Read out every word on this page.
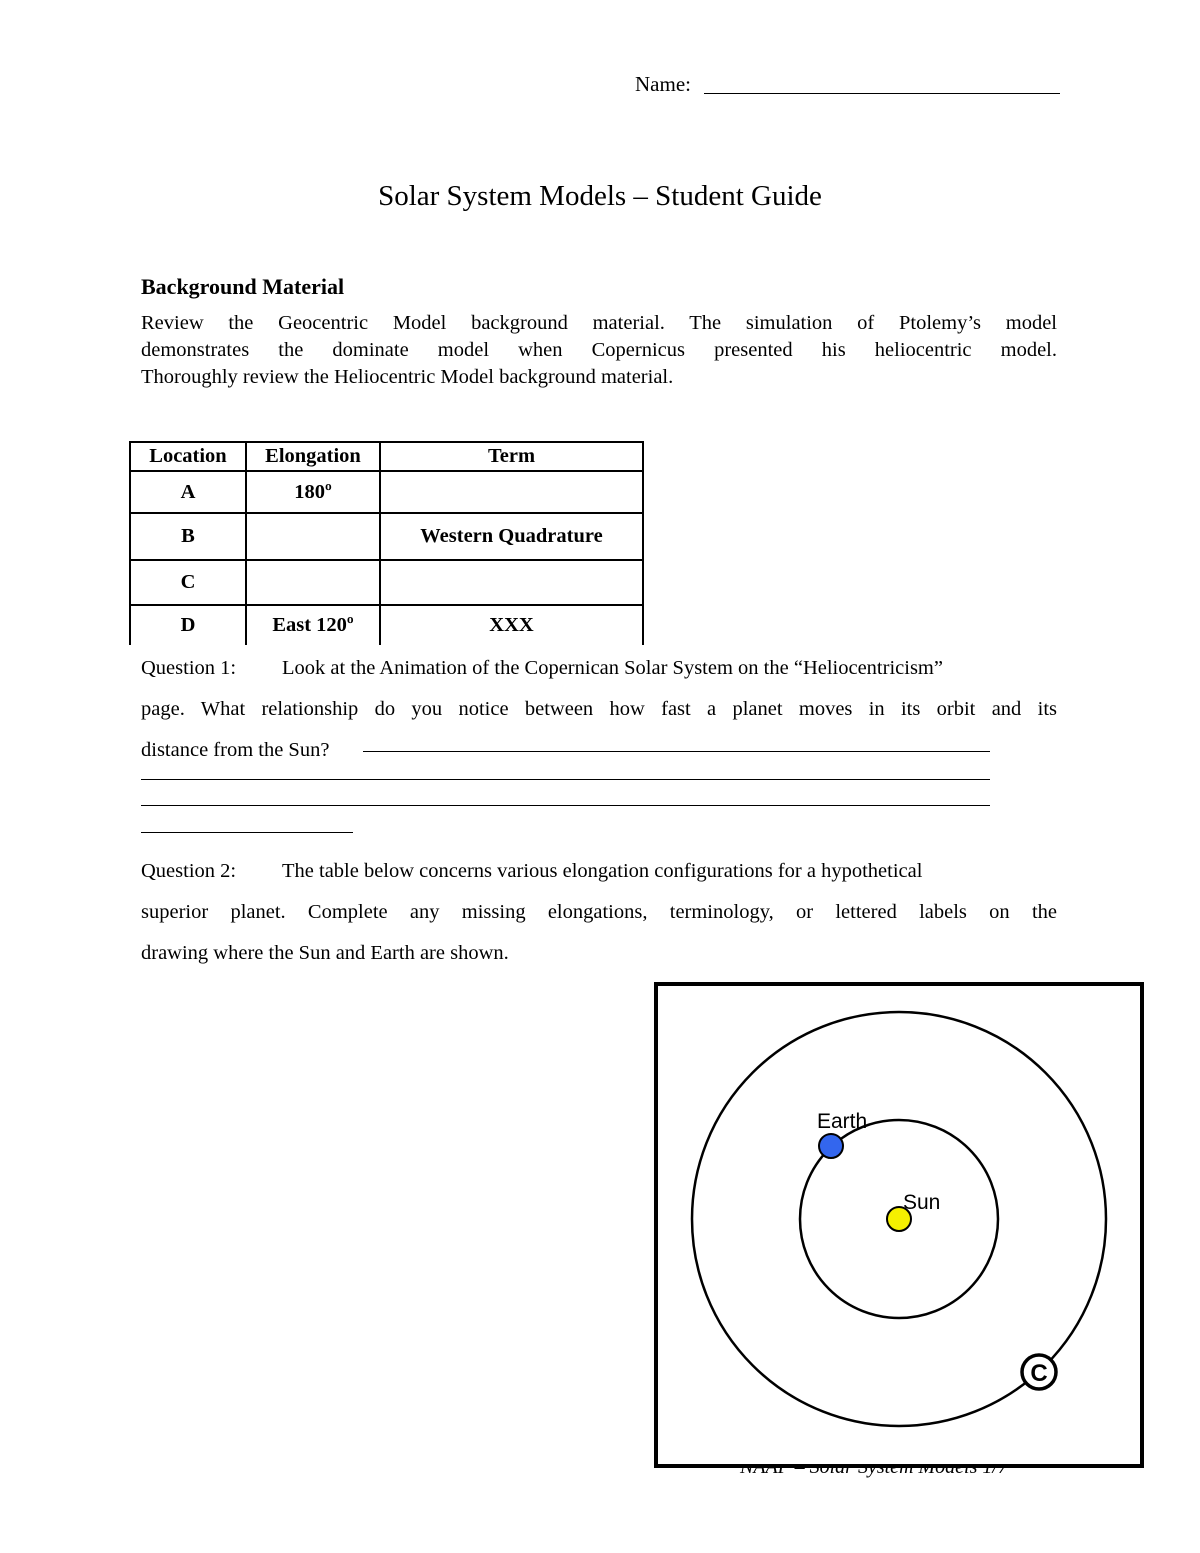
Name:
Solar System Models – Student Guide
Background Material
Review the Geocentric Model background material. The simulation of Ptolemy’s model
demonstrates the dominate model when Copernicus presented his heliocentric model.
Thoroughly review the Heliocentric Model background material.
Location	Elongation	Term
A	180º	
B		Western Quadrature
C		
D	East 120º	XXX
Question 1: Look at the Animation of the Copernican Solar System on the “Heliocentricism”
page. What relationship do you notice between how fast a planet moves in its orbit and its
distance from the Sun?
Question 2: The table below concerns various elongation configurations for a hypothetical
superior planet. Complete any missing elongations, terminology, or lettered labels on the
drawing where the Sun and Earth are shown.
Sun
Earth
C
